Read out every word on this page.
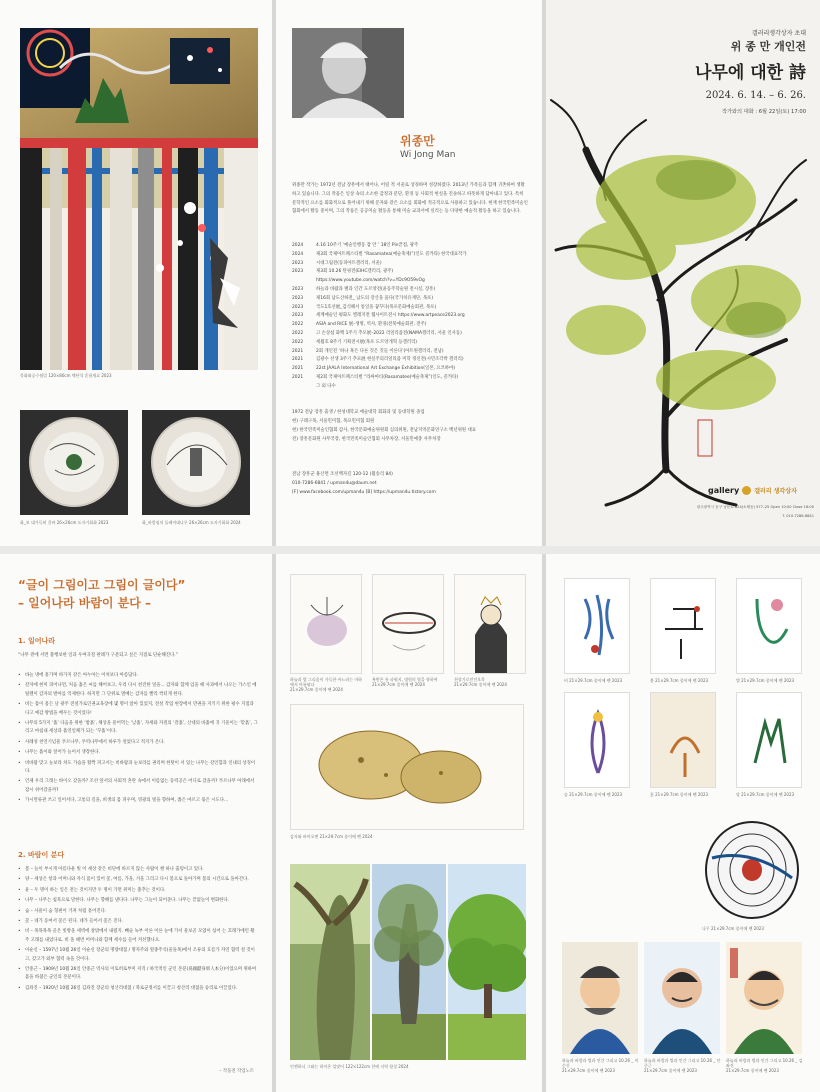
목화와공수월밀 120×80cm 백단석 혼합재료 2023
화_보 대가득히 갈바 26×26cm 도자기회화 2023	화_바람짐의 둘레이대나무 26×26cm 도자기회화 2024
위종만
Wi Jong Man
위종만 작가는 1972년 전남 장흥에서 태어나, 어릴 적 서울로 상경하며 성장하였다. 2013년 가족들과 함께 귀촌하여 생활하고 있습니다. 그의 작품은 일상 속의 소소한 감정과 분단, 환경 등 사회적 현실을 진솔하고 따뜻하게 담아내고 있다. 특히 문학적인 요소를 회화적으로 풀어내기 위해 문자와 같은 요소를 회화에 적극적으로 사용하고 있습니다. 현재 한국민족미술인협회에서 활동 중이며, 그의 작품은 공공미술 활동을 통해 미술 교과서에 실리는 등 다양한 예술적 활동을 하고 있습니다.
2024	4.16 10주기 ‘예술인행동 잠 안 ’ 18인 Pin끝점, 광주
2024	제3회 국제아트페스티벌 “Rasamatea(예술축제)”(인도 콜카타) 한국대표작가
2023	시대그림전(동피아트갤러리, 서울)
2023	제3회 10.26 탄핑전(ElHC갤러리, 광주)
https://www.youtube.com/watch?v=YDc9O59vOg
2023	하늘과 바람과 별과 인간 도르앙전(윤동주학술원 전시실, 장흥)
2023	제16회 남도산하전_ 남도의 강산을 품다(국가치유재단, 목포)
2023	국도1호선展_김석헤서 통일을 꿈꾸다(목포문화예술회관, 목포)
2023	세계예술인 평화도 엘레지전 웹사이트전시 https://www.artpeace2023.org
2022	ASIA and RICE 展–생명, 역사, 환경(전북예술회관, 전주)
2022	고 손상섭 화백 1주기 추모展–2022 리얼리즘전(NAMA갤러리, 서울 인사동)
2022	세월호 8주기 기획전시展(목포 도르앙개혁 등갤러리)
2021	2회 개인전 ‘하나 혹은 다른 것은 것들 이른다’(아트원갤러리, 전남)
2021	김광수 선생 3주기 추모展 현실주의리얼리즘 미학 정신전(시민조각박 갤러리)
2021	22st JAALA International Art Exchange Exhibition(일본, 요코하마)
2021	제2회 국제아트페스티벌 “라싸마티(Rasamatee)예술축제”(인도, 콜카타)
그 외 다수
1972 전남 장흥 출생 / 한성대학교 예술대학 회화과 및 동대학원 졸업
현) 구례구목, 서울민미협, 목포민미협 회원
현) 한국민족미술인협회 감사, 한국문화예술위원회 심의위원, 전남지역문화연구소 백년위원 대표
전) 장흥문화원 사무국장, 한국민족미술인협회 사무차장, 서울민예총 사무처장
전남 장흥군 용산면 조선백자길 120-12 (월송리 84)
010-7286-6841 / upman4u@daum.net
[F] www.facebook.com/upman4u [B] https://upman4u.tistory.com
갤러리생각상자 초대
위 종 만 개인전
나무에 대한 詩
2024. 6. 14. – 6. 26.
작가와의 대화 : 6월 22일(토) 17:00
gallery	갤러리 생각상자
광주광역시 동구 남문로 824(소태동) 577–25 Open 10:00 Close 18:00
T. 010-7286-6841
“글이 그림이고 그림이 글이다”
– 일어나라 바람이 분다 –
1. 일어나라
“나무 곁에 서면 불행보한 일과 우여곡절 판례가 구분되고 싶은 지점로 단순해진다.”
• 바늘 냉에 흩가며 바가지 같은 아누아는 어쳐보다 아름답다.
• 갈자에 현미 피어나면, 처음 흙은 씨를 해어보고, 우리 다시 천진한 얼을... 감자와 함께 입을 때 사과에서 나오는 가스인 에틸렌이 감자의 발아를 억제한다. 하지만 그 단위로 열매는 감자를 빨리 싹터게 한다.
• 비는 몸이 흠든 날 광주 전설가로인권교육장에 몇 명이 앉아 있었지, 전설 작업 현장에서 만권을 지키기 위한 평수 지점과 다고 예감 방법을 배우는 것이었다!
• 나무의 5가지 ‘흙’ 다음을 위한 ‘밤흙’, 채상을 물어먹는 ‘낮흙’, 자세와 자질의 ‘갈흙’, 산대의 바흙에 귀 기울이는 ‘맞흙’, 그리고 마침내 세상과 흙연일체가 되는 ‘꾸흙’이다.
• 사례성 천연기념물 푸르나무, 푸역나무에서 하루가 얼었다고 적지가 온다.
• 나무는 흙이와 앞어가 늘어서 생장한다.
• 비바람 맞고 눈보라 쳐도 가슴을 활짝 펴고서는 비바람과 눈보라를 권리며 한탓이 서 있는 나무는 강인함과 인내의 상징이다.
• 언제 우리 그래는 바이오 갔을까? 조선 앞서의 사회적 혼란 속에서 이름없는 동력공은 어디로 갔을까? 푸르나무 아래에서 잠시 쉬어갔을까?
• 가시면류관 쓰고 일어서다, 고통의 길을, 희생의 몸 펴우며, 영광의 빛을 향하여, 좁은 마르고 묶은 시도다...
2. 바람이 분다
• 봄 – 늘이 부시게 아름다운 빛 이 세상 같은 비단에 바르지 않는 사람이 챈 하나 출렁이고 있다.
• 양 – 세상은 항과 어머니와 자식 몸이 있어 꽃, 여름, 가을, 겨울 그리고 다시 봄으로 돌아가며 봄의 시간으로 돌아간다.
• 윤 – 두 명이 하는 일은 전는 것이지만 두 명이 가면 취미는 춤추는 것이다.
• 나무 – 나무는 침묵으로 말한다. 나무는 향해를 낸다다. 나무는 그늘이 되어준다. 나무는 끝없놀이 변화한다.
• 숨 – 사물이 숨 형편이 거져 처럼 흩어진다.
• 꽃 – 네가 동여서 꽃은 된다. 네가 들어서 꽃은 진다.
• 비 – 목목목목 골온 빗방울 세벽에 창밖에서 내렸지. 빼술 녹부 이른 이른 눈에 가서 물보골 모였이 섞어 는 끄래가에런 황주 고래를 내었다로. 비 올 때면 어머니와 함께 세수를 들어 켜선했나요.
• 이순신 – 1597년 10월 26일 이순신 장군의 명량대첩 / 명자주와 열종주석(울돌목)에서 조류의 흐름가 자연 협력 설 것이고, 갖고가 외부 협력 속을 것이다.
• 안중근 – 1909년 10월 26일 안중근 역사의 이토히로부미 저격 / 하국적인 군인 본분(爲國獻身軍人本分)이었으며 위하여 몸을 바쳤은 군인의 본분이다.
• 김좌진 – 1920년 10월 26일 김좌진 장군의 청산리대첩 / 북로군정서를 이끌고 청산리 대첩을 승리로 이끌었다.
– 작품전 작업노트
하늘과 별 그리움이 가득한 아느러는 마하에서 아름답다
21×29.7cm 종이에 펜 2024
복받은 통 파워지, 명원의 빛을 향하여
21×29.7cm 종이에 펜 2024
천상기로인인오목
21×29.7cm 종이에 펜 2024
감자와 바이오면 21×29.7cm 종이에 펜 2024
언젠하늬 그와는 하이온 입맞어 122×122cm 천에 지역 합성 2024
비 21×29.7cm 종이에 펜 2023	봄 21×29.7cm 종이에 펜 2023	별 21×29.7cm 종이에 펜 2023
숨 21×29.7cm 종이에 펜 2023	꽃 21×29.7cm 종이에 펜 2023	당 21×29.7cm 종이에 펜 2023
나무 21×29.7cm 종이에 펜 2023
하늘과 바람과 별과 인간 그리고 10.26 _ 이순신
21×29.7cm 종이에 펜 2023
하늘과 바람과 별과 인간 그리고 10.26 _ 안중근
21×29.7cm 종이에 펜 2023
하늘과 바람과 별과 인간 그리고 10.26 _ 김좌진
21×29.7cm 종이에 펜 2023
